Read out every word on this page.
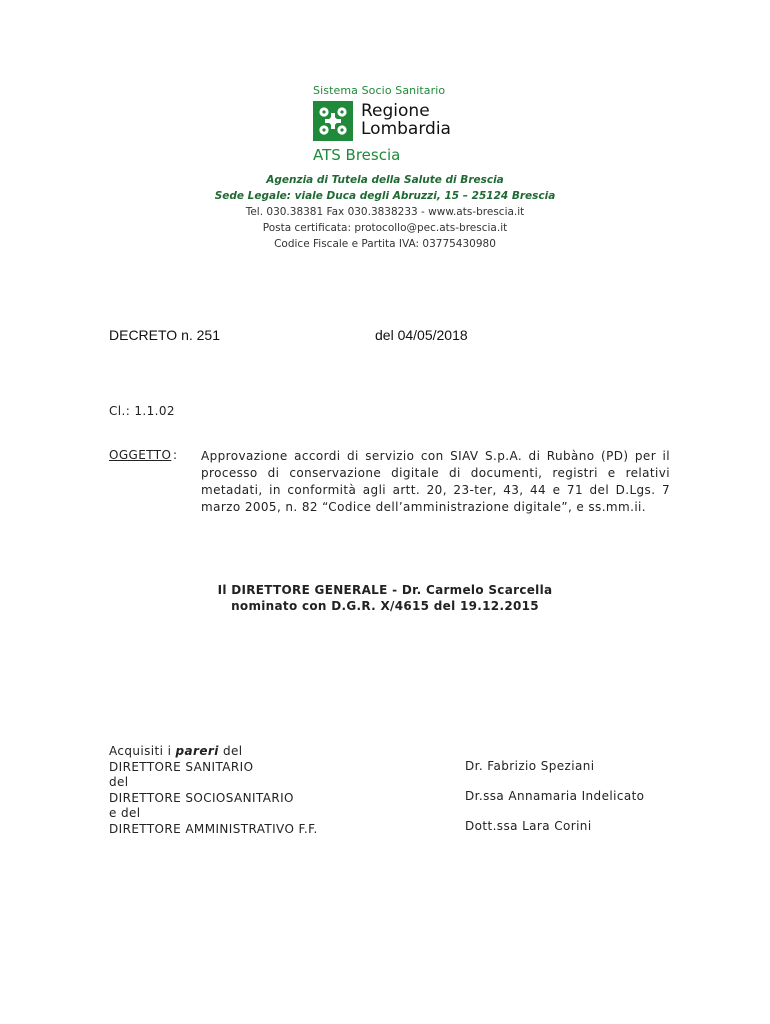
Sistema Socio Sanitario
Regione
Lombardia
ATS Brescia
Agenzia di Tutela della Salute di Brescia
Sede Legale: viale Duca degli Abruzzi, 15 – 25124 Brescia
Tel. 030.38381 Fax 030.3838233 - www.ats-brescia.it
Posta certificata: protocollo@pec.ats-brescia.it
Codice Fiscale e Partita IVA: 03775430980
DECRETO n. 251	del 04/05/2018
Cl.: 1.1.02
OGGETTO : Approvazione accordi di servizio con SIAV S.p.A. di Rubàno (PD) per il processo di conservazione digitale di documenti, registri e relativi metadati, in conformità agli artt. 20, 23-ter, 43, 44 e 71 del D.Lgs. 7 marzo 2005, n. 82 “Codice dell’amministrazione digitale”, e ss.mm.ii.
Il DIRETTORE GENERALE - Dr. Carmelo Scarcella
nominato con D.G.R. X/4615 del 19.12.2015
Acquisiti i pareri del
DIRETTORE SANITARIO
del
DIRETTORE SOCIOSANITARIO
e del
DIRETTORE AMMINISTRATIVO F.F.
Dr. Fabrizio Speziani
Dr.ssa Annamaria Indelicato
Dott.ssa Lara Corini
